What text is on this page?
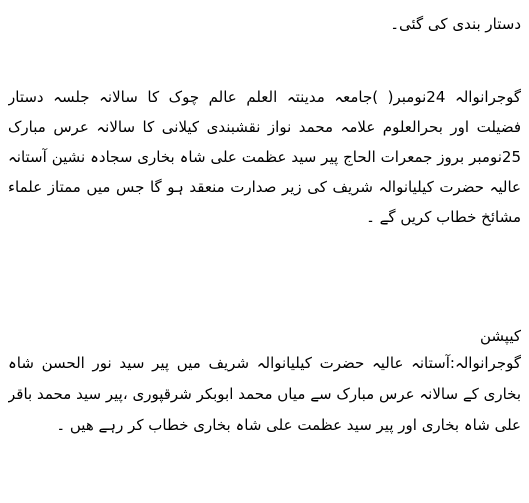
دستار بندی کی گئی۔
گوجرانوالہ 24نومبر( )جامعہ مدینتہ العلم عالم چوک کا سالانہ جلسہ دستار
فضیلت اور بحرالعلوم علامہ محمد نواز نقشبندی کیلانی کا سالانہ عرس مبارک
25نومبر بروز جمعرات الحاج پیر سید عظمت علی شاہ بخاری سجادہ نشین آستانہ
عالیہ حضرت کیلیانوالہ شریف کی زیر صدارت منعقد ہو گا جس میں ممتاز علماء
مشائخ خطاب کریں گے ۔
کیپشن
گوجرانوالہ:آستانہ عالیہ حضرت کیلیانوالہ شریف میں پیر سید نور الحسن شاہ
بخاری کے سالانہ عرس مبارک سے میاں محمد ابوبکر شرقپوری ،پیر سید محمد باقر
علی شاہ بخاری اور پیر سید عظمت علی شاہ بخاری خطاب کر رہے ھیں ۔
